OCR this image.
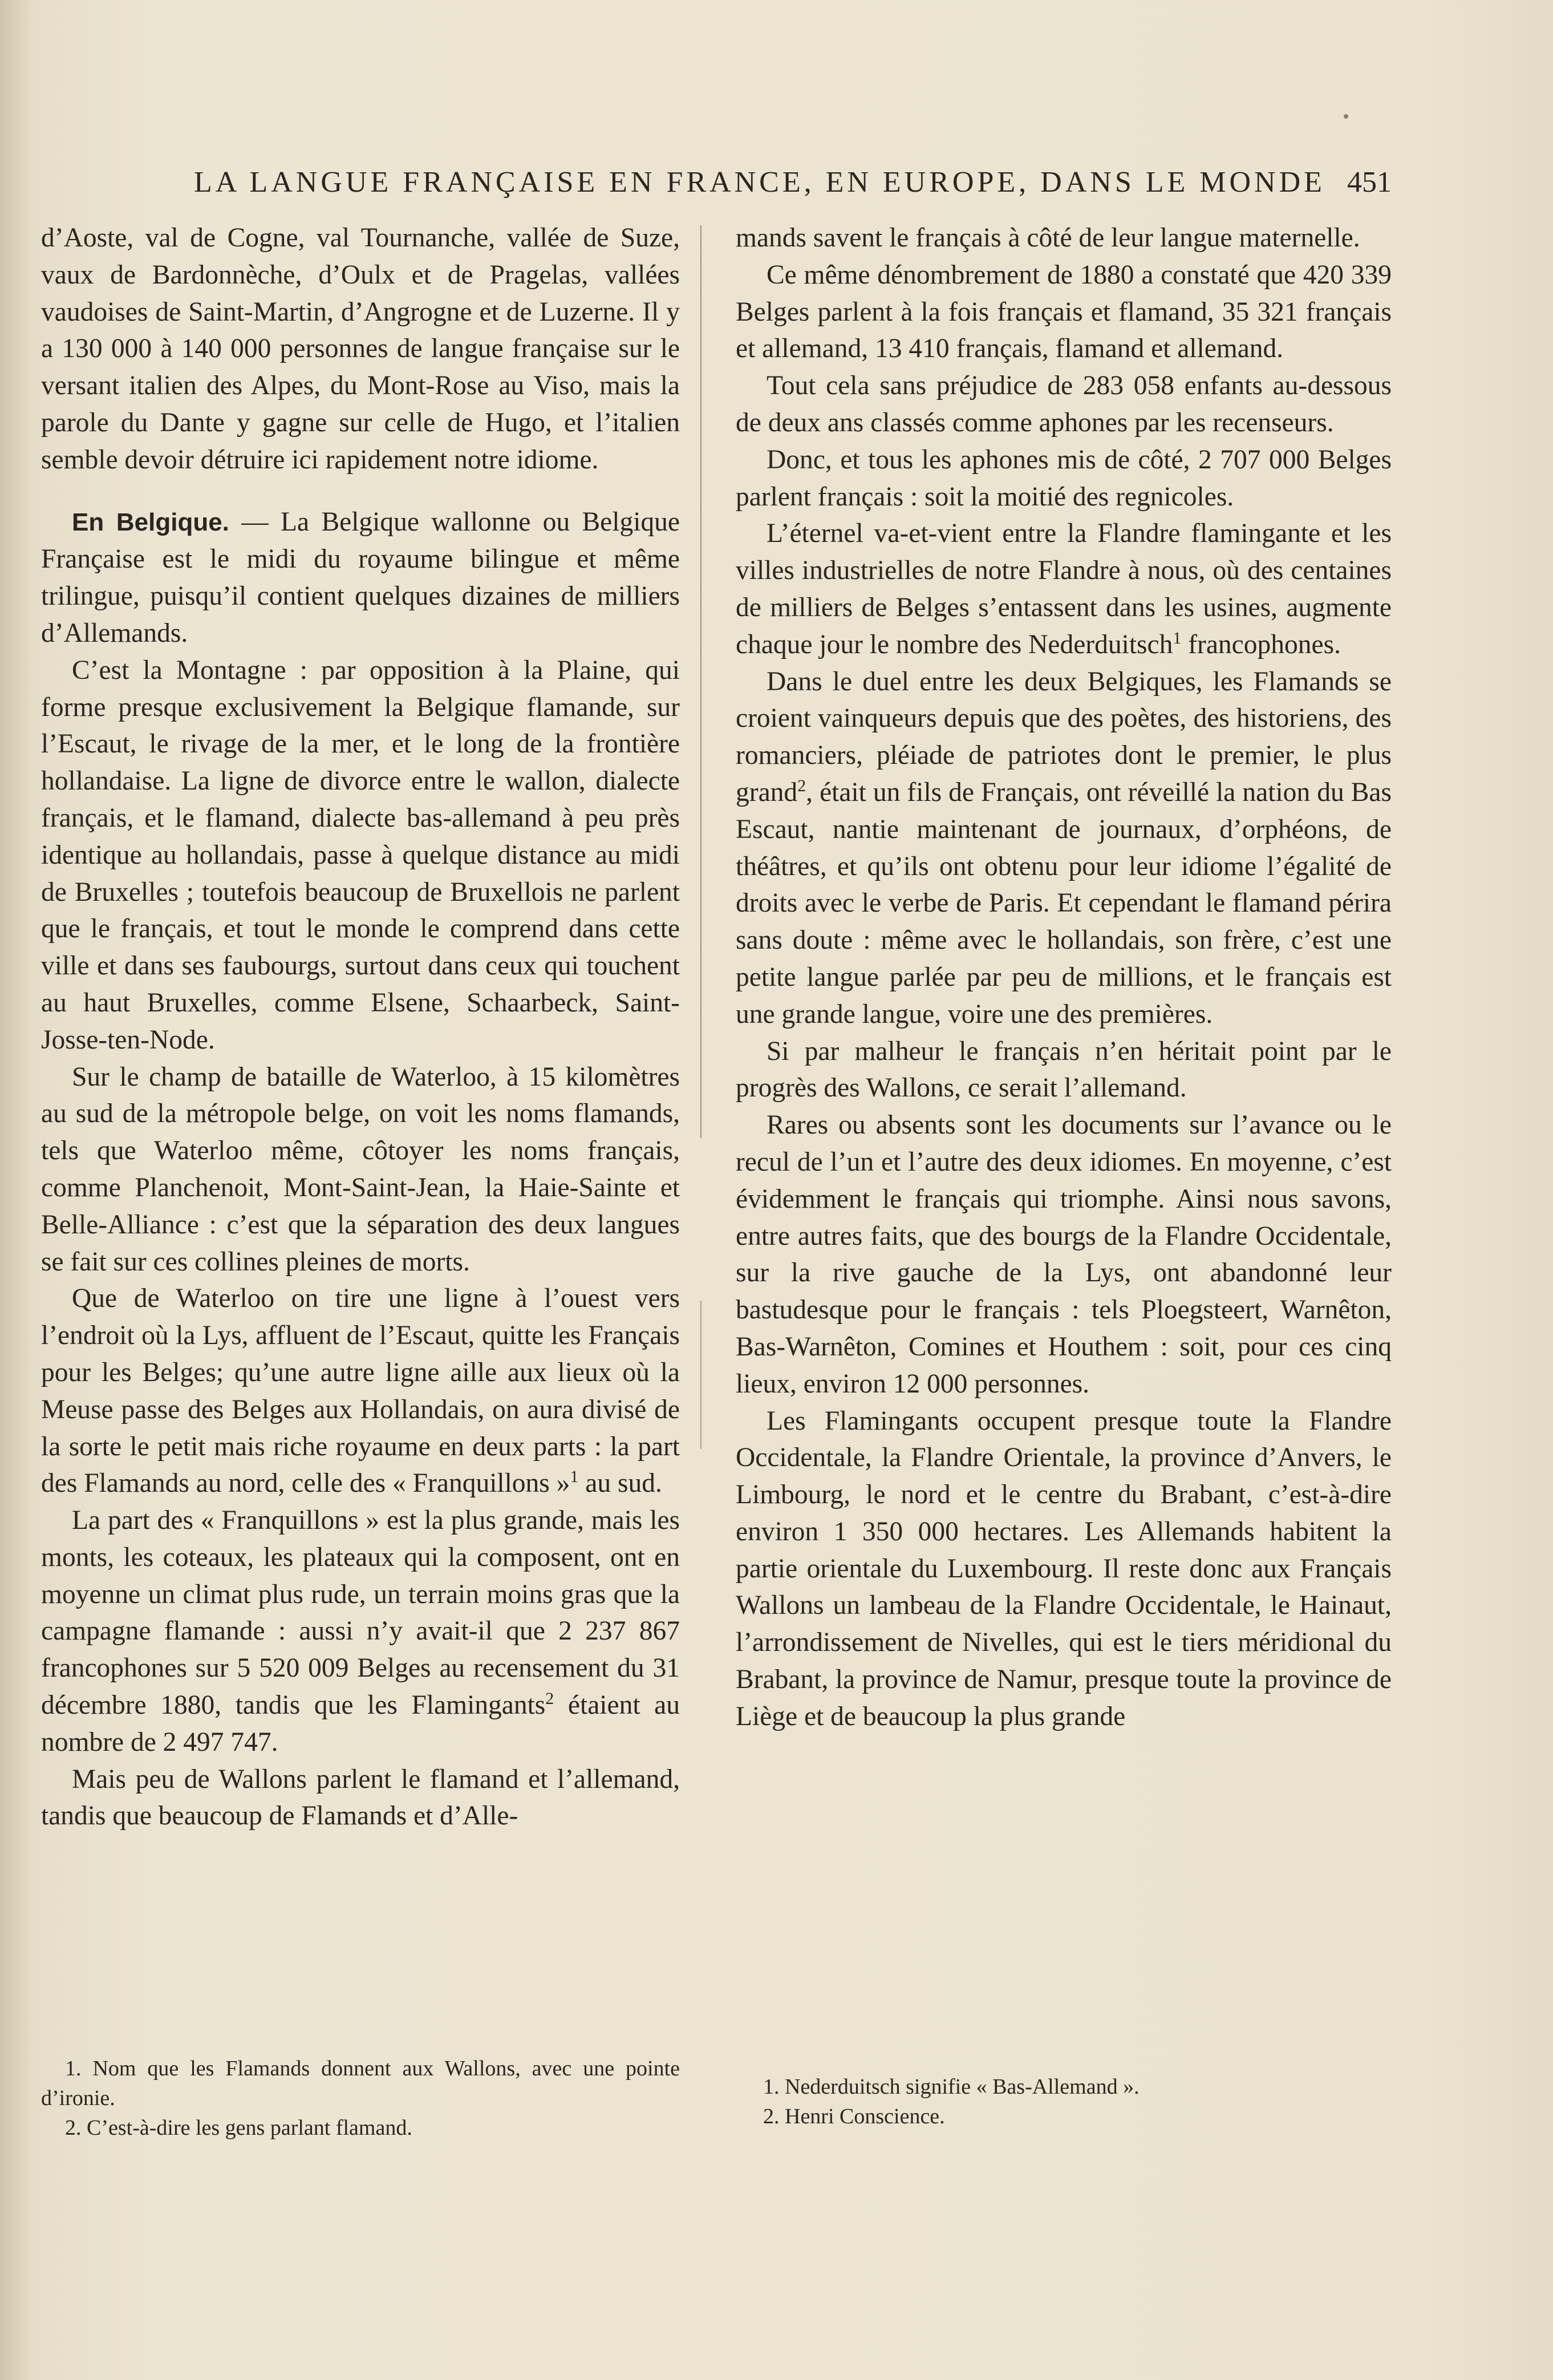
LA LANGUE FRANÇAISE EN FRANCE, EN EUROPE, DANS LE MONDE 451

d’Aoste, val de Cogne, val Tournanche, vallée de Suze, vaux de Bardonnèche, d’Oulx et de Pragelas, vallées vaudoises de Saint-Martin, d’Angrogne et de Luzerne. Il y a 130 000 à 140 000 personnes de langue française sur le versant italien des Alpes, du Mont-Rose au Viso, mais la parole du Dante y gagne sur celle de Hugo, et l’italien semble devoir détruire ici rapidement notre idiome.

En Belgique. — La Belgique wallonne ou Belgique Française est le midi du royaume bilingue et même trilingue, puisqu’il contient quelques dizaines de milliers d’Allemands.

C’est la Montagne : par opposition à la Plaine, qui forme presque exclusivement la Belgique flamande, sur l’Escaut, le rivage de la mer, et le long de la frontière hollandaise. La ligne de divorce entre le wallon, dialecte français, et le flamand, dialecte bas-allemand à peu près identique au hollandais, passe à quelque distance au midi de Bruxelles ; toutefois beaucoup de Bruxellois ne parlent que le français, et tout le monde le comprend dans cette ville et dans ses faubourgs, surtout dans ceux qui touchent au haut Bruxelles, comme Elsene, Schaarbeck, Saint-Josse-ten-Node.

Sur le champ de bataille de Waterloo, à 15 kilomètres au sud de la métropole belge, on voit les noms flamands, tels que Waterloo même, côtoyer les noms français, comme Planchenoit, Mont-Saint-Jean, la Haie-Sainte et Belle-Alliance : c’est que la séparation des deux langues se fait sur ces collines pleines de morts.

Que de Waterloo on tire une ligne à l’ouest vers l’endroit où la Lys, affluent de l’Escaut, quitte les Français pour les Belges; qu’une autre ligne aille aux lieux où la Meuse passe des Belges aux Hollandais, on aura divisé de la sorte le petit mais riche royaume en deux parts : la part des Flamands au nord, celle des « Franquillons »$^1$ au sud.

La part des « Franquillons » est la plus grande, mais les monts, les coteaux, les plateaux qui la composent, ont en moyenne un climat plus rude, un terrain moins gras que la campagne flamande : aussi n’y avait-il que 2 237 867 francophones sur 5 520 009 Belges au recensement du 31 décembre 1880, tandis que les Flamingants$^2$ étaient au nombre de 2 497 747.

Mais peu de Wallons parlent le flamand et l’allemand, tandis que beaucoup de Flamands et d’Alle-

mands savent le français à côté de leur langue maternelle.

Ce même dénombrement de 1880 a constaté que 420 339 Belges parlent à la fois français et flamand, 35 321 français et allemand, 13 410 français, flamand et allemand.

Tout cela sans préjudice de 283 058 enfants au-dessous de deux ans classés comme aphones par les recenseurs.

Donc, et tous les aphones mis de côté, 2 707 000 Belges parlent français : soit la moitié des regnicoles.

L’éternel va-et-vient entre la Flandre flamingante et les villes industrielles de notre Flandre à nous, où des centaines de milliers de Belges s’entassent dans les usines, augmente chaque jour le nombre des Nederduitsch$^1$ francophones.

Dans le duel entre les deux Belgiques, les Flamands se croient vainqueurs depuis que des poètes, des historiens, des romanciers, pléiade de patriotes dont le premier, le plus grand$^2$, était un fils de Français, ont réveillé la nation du Bas Escaut, nantie maintenant de journaux, d’orphéons, de théâtres, et qu’ils ont obtenu pour leur idiome l’égalité de droits avec le verbe de Paris. Et cependant le flamand périra sans doute : même avec le hollandais, son frère, c’est une petite langue parlée par peu de millions, et le français est une grande langue, voire une des premières.

Si par malheur le français n’en héritait point par le progrès des Wallons, ce serait l’allemand.

Rares ou absents sont les documents sur l’avance ou le recul de l’un et l’autre des deux idiomes. En moyenne, c’est évidemment le français qui triomphe. Ainsi nous savons, entre autres faits, que des bourgs de la Flandre Occidentale, sur la rive gauche de la Lys, ont abandonné leur bastudesque pour le français : tels Ploegsteert, Warnêton, Bas-Warnêton, Comines et Houthem : soit, pour ces cinq lieux, environ 12 000 personnes.

Les Flamingants occupent presque toute la Flandre Occidentale, la Flandre Orientale, la province d’Anvers, le Limbourg, le nord et le centre du Brabant, c’est-à-dire environ 1 350 000 hectares. Les Allemands habitent la partie orientale du Luxembourg. Il reste donc aux Français Wallons un lambeau de la Flandre Occidentale, le Hainaut, l’arrondissement de Nivelles, qui est le tiers méridional du Brabant, la province de Namur, presque toute la province de Liège et de beaucoup la plus grande

1. Nom que les Flamands donnent aux Wallons, avec une pointe d’ironie.

2. C’est-à-dire les gens parlant flamand.

1. Nederduitsch signifie « Bas-Allemand ».

2. Henri Conscience.
